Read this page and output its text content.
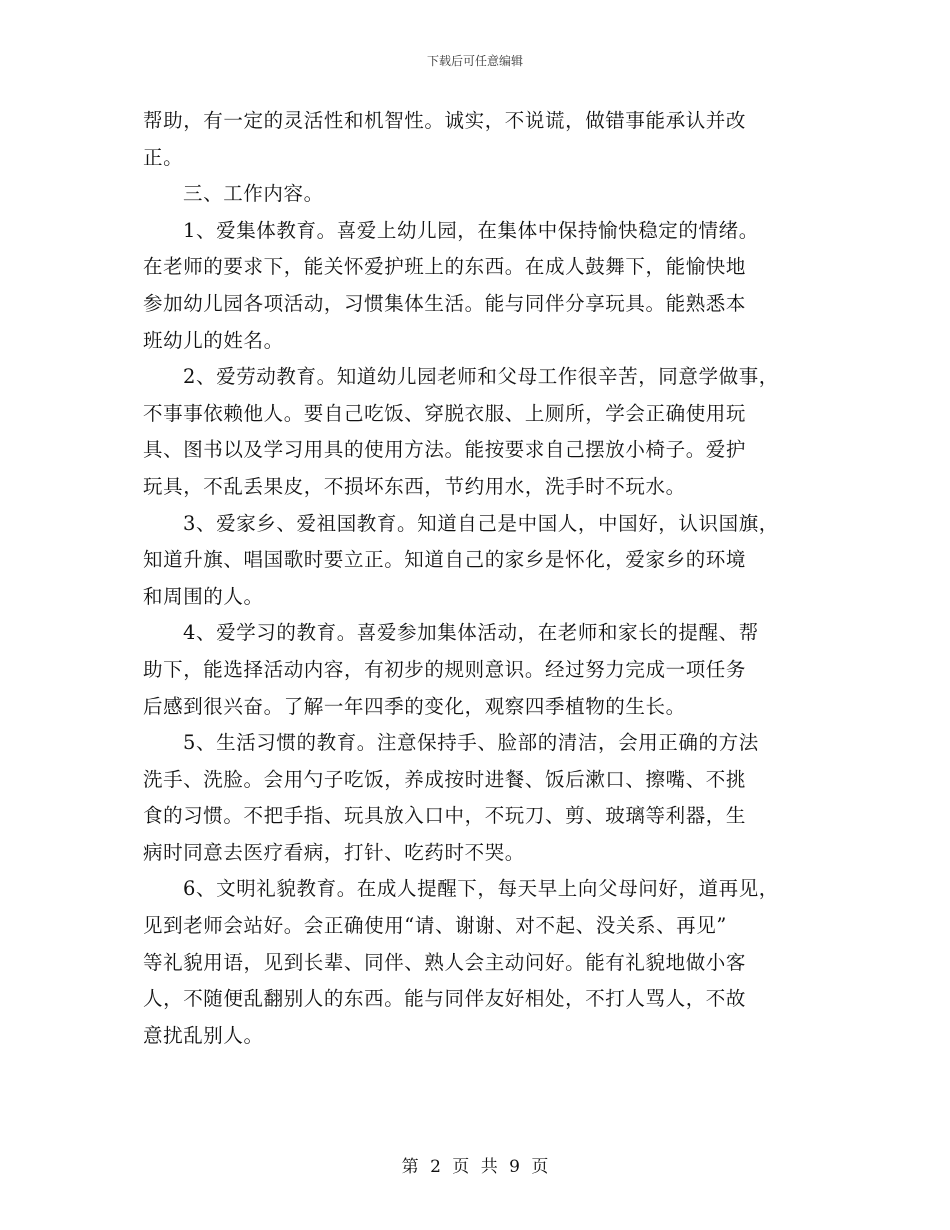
下载后可任意编辑
帮助，有一定的灵活性和机智性。诚实，不说谎，做错事能承认并改
正。
三、工作内容。
1、爱集体教育。喜爱上幼儿园，在集体中保持愉快稳定的情绪。
在老师的要求下，能关怀爱护班上的东西。在成人鼓舞下，能愉快地
参加幼儿园各项活动，习惯集体生活。能与同伴分享玩具。能熟悉本
班幼儿的姓名。
2、爱劳动教育。知道幼儿园老师和父母工作很辛苦，同意学做事，
不事事依赖他人。要自己吃饭、穿脱衣服、上厕所，学会正确使用玩
具、图书以及学习用具的使用方法。能按要求自己摆放小椅子。爱护
玩具，不乱丢果皮，不损坏东西，节约用水，洗手时不玩水。
3、爱家乡、爱祖国教育。知道自己是中国人，中国好，认识国旗，
知道升旗、唱国歌时要立正。知道自己的家乡是怀化，爱家乡的环境
和周围的人。
4、爱学习的教育。喜爱参加集体活动，在老师和家长的提醒、帮
助下，能选择活动内容，有初步的规则意识。经过努力完成一项任务
后感到很兴奋。了解一年四季的变化，观察四季植物的生长。
5、生活习惯的教育。注意保持手、脸部的清洁，会用正确的方法
洗手、洗脸。会用勺子吃饭，养成按时进餐、饭后漱口、擦嘴、不挑
食的习惯。不把手指、玩具放入口中，不玩刀、剪、玻璃等利器，生
病时同意去医疗看病，打针、吃药时不哭。
6、文明礼貌教育。在成人提醒下，每天早上向父母问好，道再见，
见到老师会站好。会正确使用“请、谢谢、对不起、没关系、再见”
等礼貌用语，见到长辈、同伴、熟人会主动问好。能有礼貌地做小客
人，不随便乱翻别人的东西。能与同伴友好相处，不打人骂人，不故
意扰乱别人。
第 2 页 共 9 页
